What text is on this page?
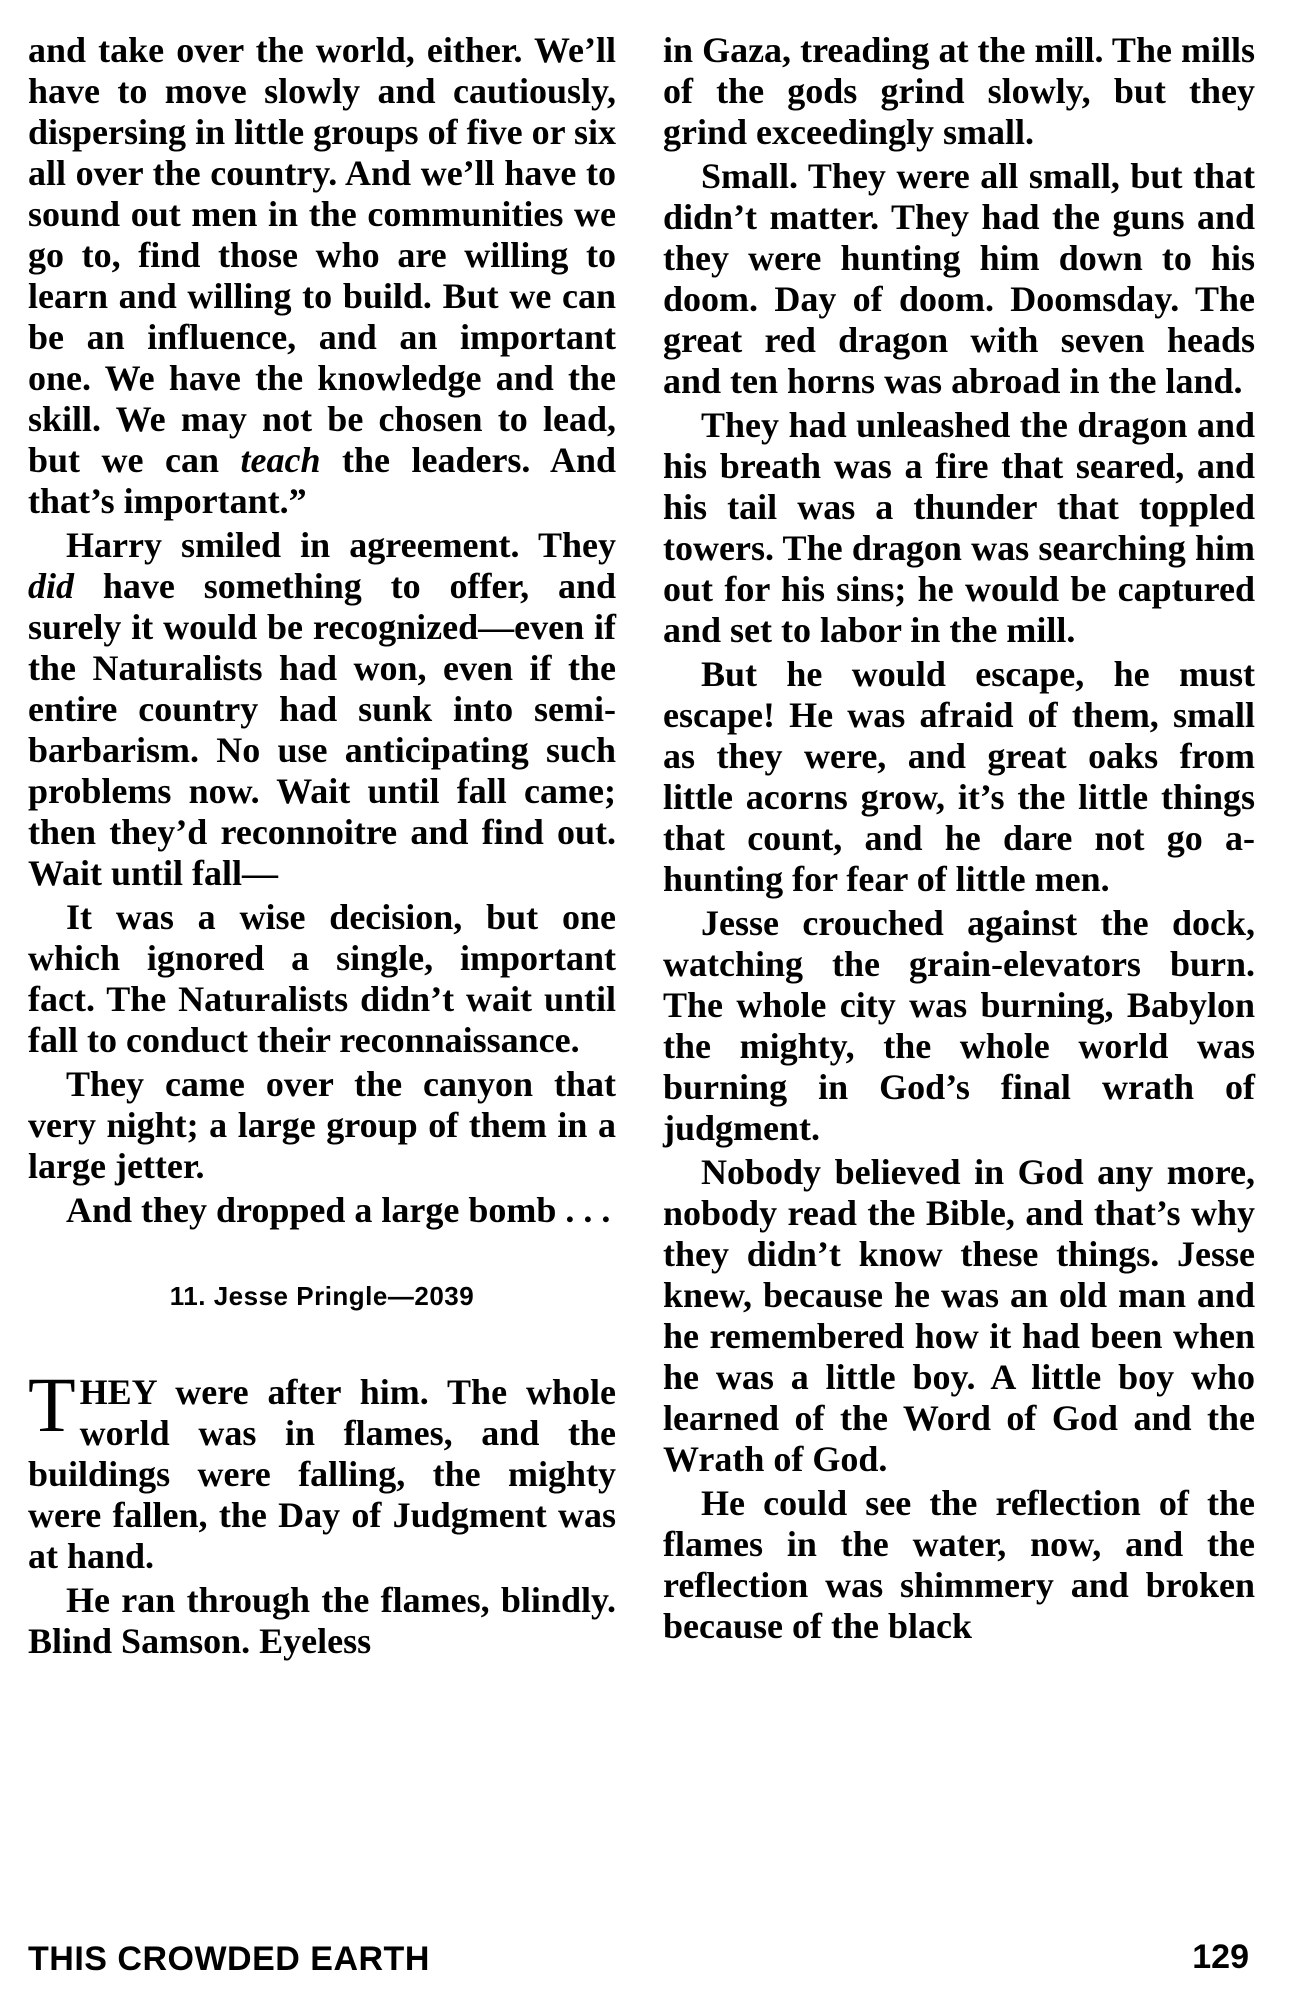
and take over the world, either. We’ll have to move slowly and cautiously, dispersing in little groups of five or six all over the country. And we’ll have to sound out men in the communities we go to, find those who are willing to learn and willing to build. But we can be an influence, and an important one. We have the knowledge and the skill. We may not be chosen to lead, but we can teach the leaders. And that’s important.”

Harry smiled in agreement. They did have something to offer, and surely it would be recognized—even if the Naturalists had won, even if the entire country had sunk into semibarbarism. No use anticipating such problems now. Wait until fall came; then they’d reconnoitre and find out. Wait until fall—

It was a wise decision, but one which ignored a single, important fact. The Naturalists didn’t wait until fall to conduct their reconnaissance.

They came over the canyon that very night; a large group of them in a large jetter.

And they dropped a large bomb . . .

11. Jesse Pringle—2039

THEY were after him. The whole world was in flames, and the buildings were falling, the mighty were fallen, the Day of Judgment was at hand.

He ran through the flames, blindly. Blind Samson. Eyeless

in Gaza, treading at the mill. The mills of the gods grind slowly, but they grind exceedingly small.

Small. They were all small, but that didn’t matter. They had the guns and they were hunting him down to his doom. Day of doom. Doomsday. The great red dragon with seven heads and ten horns was abroad in the land.

They had unleashed the dragon and his breath was a fire that seared, and his tail was a thunder that toppled towers. The dragon was searching him out for his sins; he would be captured and set to labor in the mill.

But he would escape, he must escape! He was afraid of them, small as they were, and great oaks from little acorns grow, it’s the little things that count, and he dare not go a-hunting for fear of little men.

Jesse crouched against the dock, watching the grain-elevators burn. The whole city was burning, Babylon the mighty, the whole world was burning in God’s final wrath of judgment.

Nobody believed in God any more, nobody read the Bible, and that’s why they didn’t know these things. Jesse knew, because he was an old man and he remembered how it had been when he was a little boy. A little boy who learned of the Word of God and the Wrath of God.

He could see the reflection of the flames in the water, now, and the reflection was shimmery and broken because of the black

THIS CROWDED EARTH	129
